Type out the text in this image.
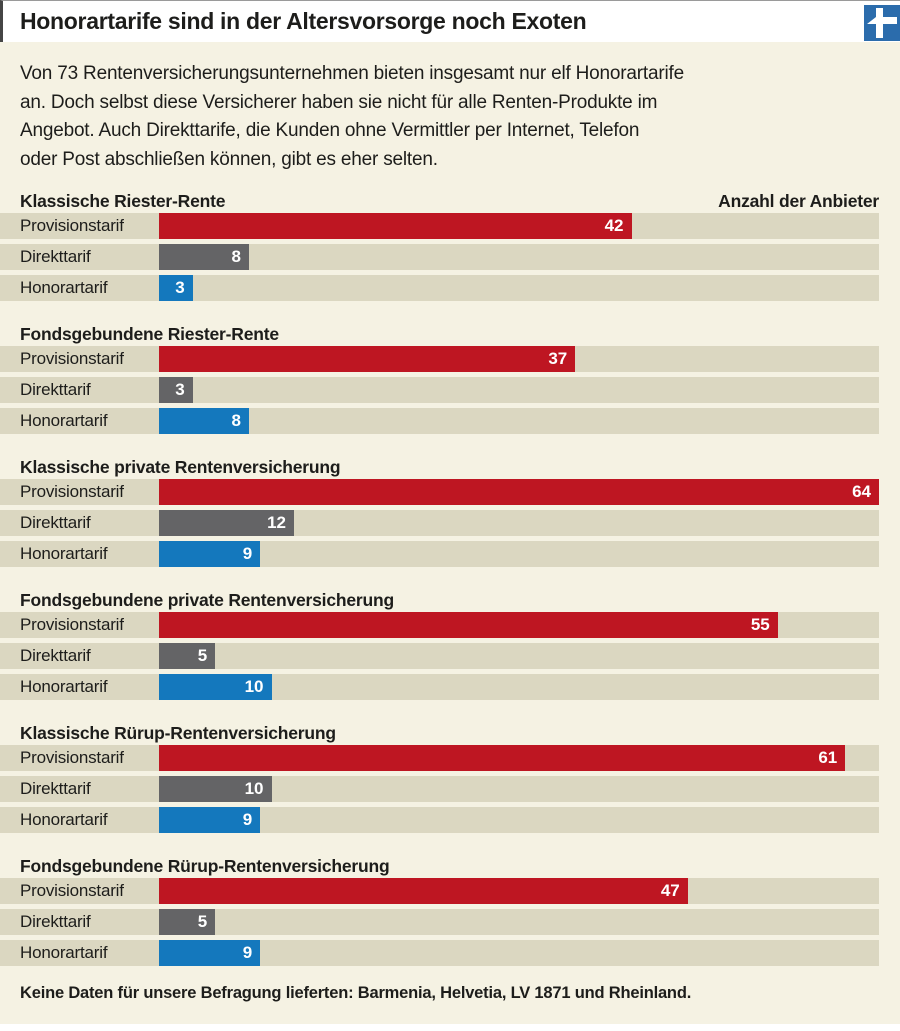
Honorartarife sind in der Altersvorsorge noch Exoten
Von 73 Rentenversicherungsunternehmen bieten insgesamt nur elf Honorartarife
an. Doch selbst diese Versicherer haben sie nicht für alle Renten-Produkte im
Angebot. Auch Direkttarife, die Kunden ohne Vermittler per Internet, Telefon
oder Post abschließen können, gibt es eher selten.
Klassische Riester-Rente	Anzahl der Anbieter
Provisionstarif	42
Direkttarif	8
Honorartarif	3
Fondsgebundene Riester-Rente
Provisionstarif	37
Direkttarif	3
Honorartarif	8
Klassische private Rentenversicherung
Provisionstarif	64
Direkttarif	12
Honorartarif	9
Fondsgebundene private Rentenversicherung
Provisionstarif	55
Direkttarif	5
Honorartarif	10
Klassische Rürup-Rentenversicherung
Provisionstarif	61
Direkttarif	10
Honorartarif	9
Fondsgebundene Rürup-Rentenversicherung
Provisionstarif	47
Direkttarif	5
Honorartarif	9
Keine Daten für unsere Befragung lieferten: Barmenia, Helvetia, LV 1871 und Rheinland.
